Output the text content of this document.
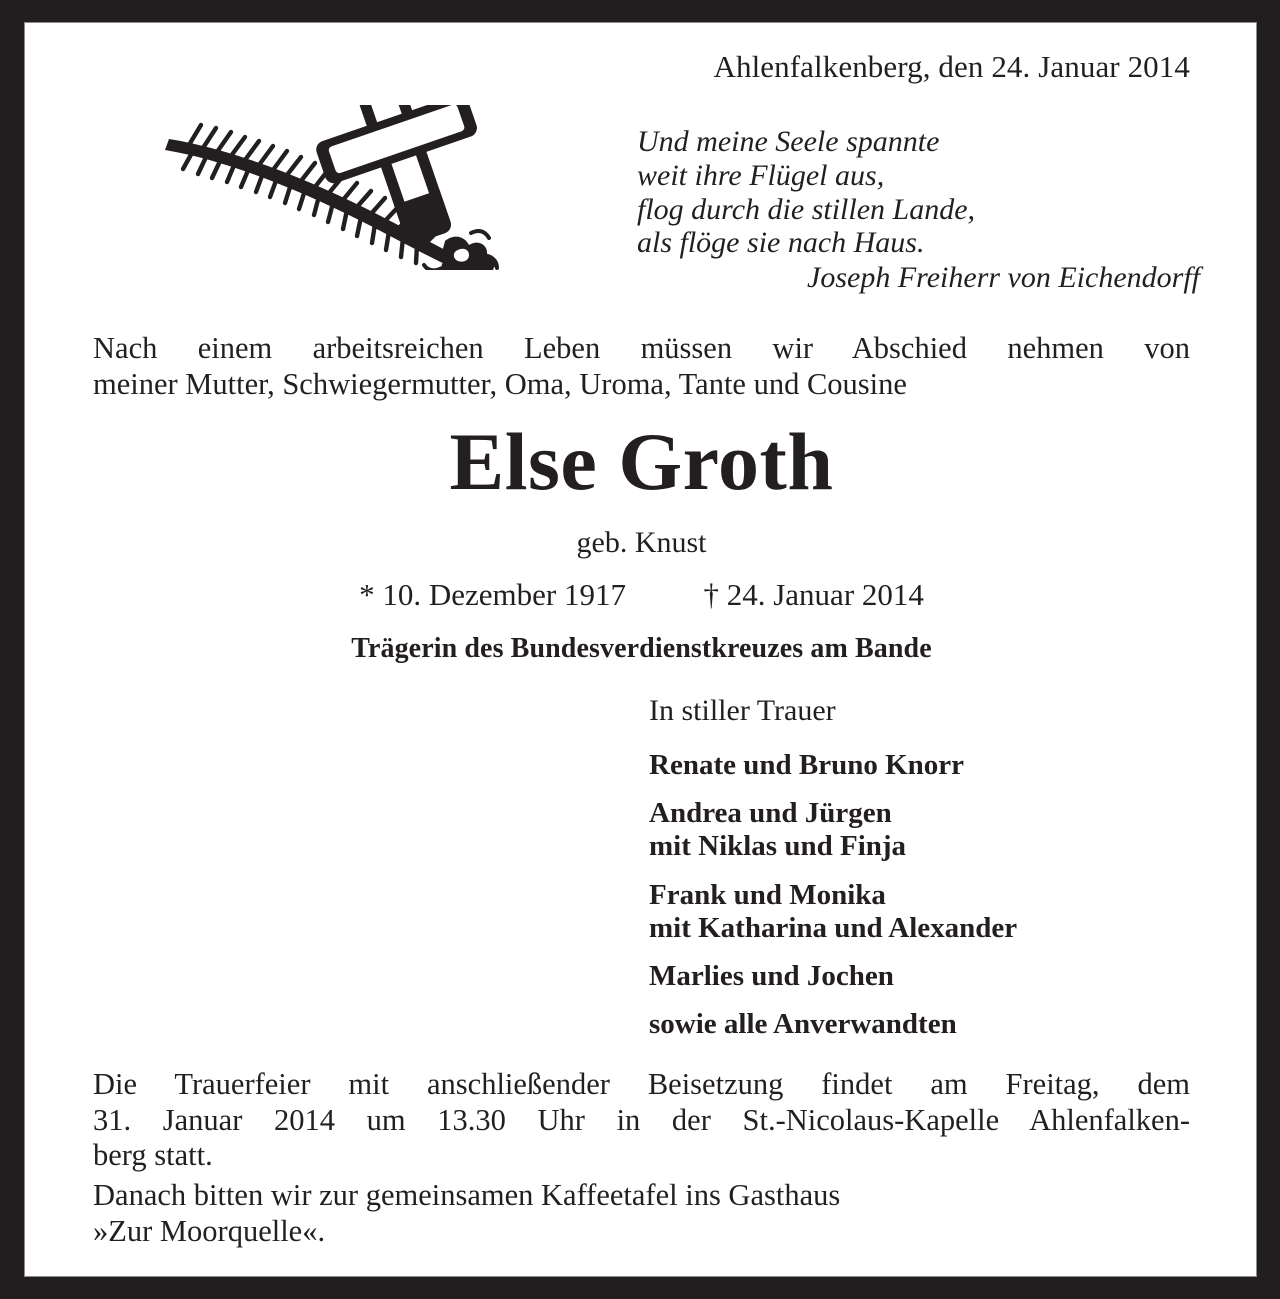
Ahlenfalkenberg, den 24. Januar 2014
Und meine Seele spannte
weit ihre Flügel aus,
flog durch die stillen Lande,
als flöge sie nach Haus.
Joseph Freiherr von Eichendorff
Nach einem arbeitsreichen Leben müssen wir Abschied nehmen von
meiner Mutter, Schwiegermutter, Oma, Uroma, Tante und Cousine
Else Groth
geb. Knust
* 10. Dezember 1917	† 24. Januar 2014
Trägerin des Bundesverdienstkreuzes am Bande
In stiller Trauer
Renate und Bruno Knorr
Andrea und Jürgen
mit Niklas und Finja
Frank und Monika
mit Katharina und Alexander
Marlies und Jochen
sowie alle Anverwandten
Die Trauerfeier mit anschließender Beisetzung findet am Freitag, dem
31. Januar 2014 um 13.30 Uhr in der St.-Nicolaus-Kapelle Ahlenfalken-
berg statt.
Danach bitten wir zur gemeinsamen Kaffeetafel ins Gasthaus
»Zur Moorquelle«.
